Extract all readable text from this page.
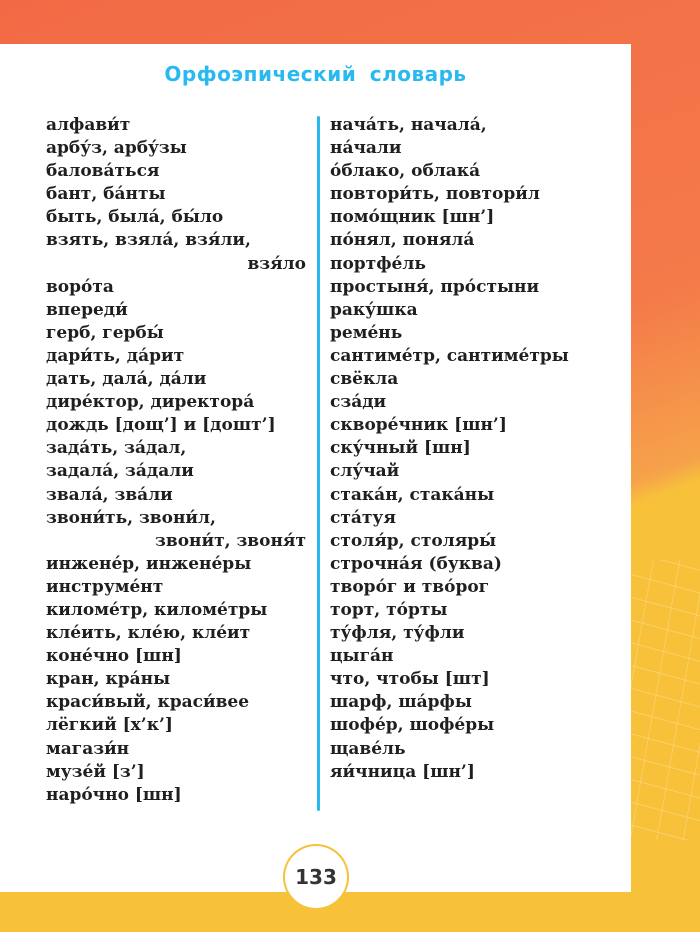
Орфоэпический словарь
алфави́т
арбу́з, арбу́зы
балова́ться
бант, ба́нты
быть, была́, бы́ло
взять, взяла́, взя́ли,
взя́ло
воро́та
впереди́
герб, гербы́
дари́ть, да́рит
дать, дала́, да́ли
дире́ктор, директора́
дождь [дощ’] и [дошт’]
зада́ть, за́дал,
задала́, за́дали
звала́, зва́ли
звони́ть, звони́л,
звони́т, звоня́т
инжене́р, инжене́ры
инструме́нт
киломе́тр, киломе́тры
кле́ить, кле́ю, кле́ит
коне́чно [шн]
кран, кра́ны
краси́вый, краси́вее
лёгкий [х’к’]
магази́н
музе́й [з’]
наро́чно [шн]
нача́ть, начала́,
на́чали
о́блако, облака́
повтори́ть, повтори́л
помо́щник [шн’]
по́нял, поняла́
портфе́ль
простыня́, про́стыни
раку́шка
реме́нь
сантиме́тр, сантиме́тры
свёкла
сза́ди
скворе́чник [шн’]
ску́чный [шн]
слу́чай
стака́н, стака́ны
ста́туя
столя́р, столяры́
строчна́я (буква)
творо́г и тво́рог
торт, то́рты
ту́фля, ту́фли
цыга́н
что, чтобы [шт]
шарф, ша́рфы
шофе́р, шофе́ры
щаве́ль
яи́чница [шн’]
133
